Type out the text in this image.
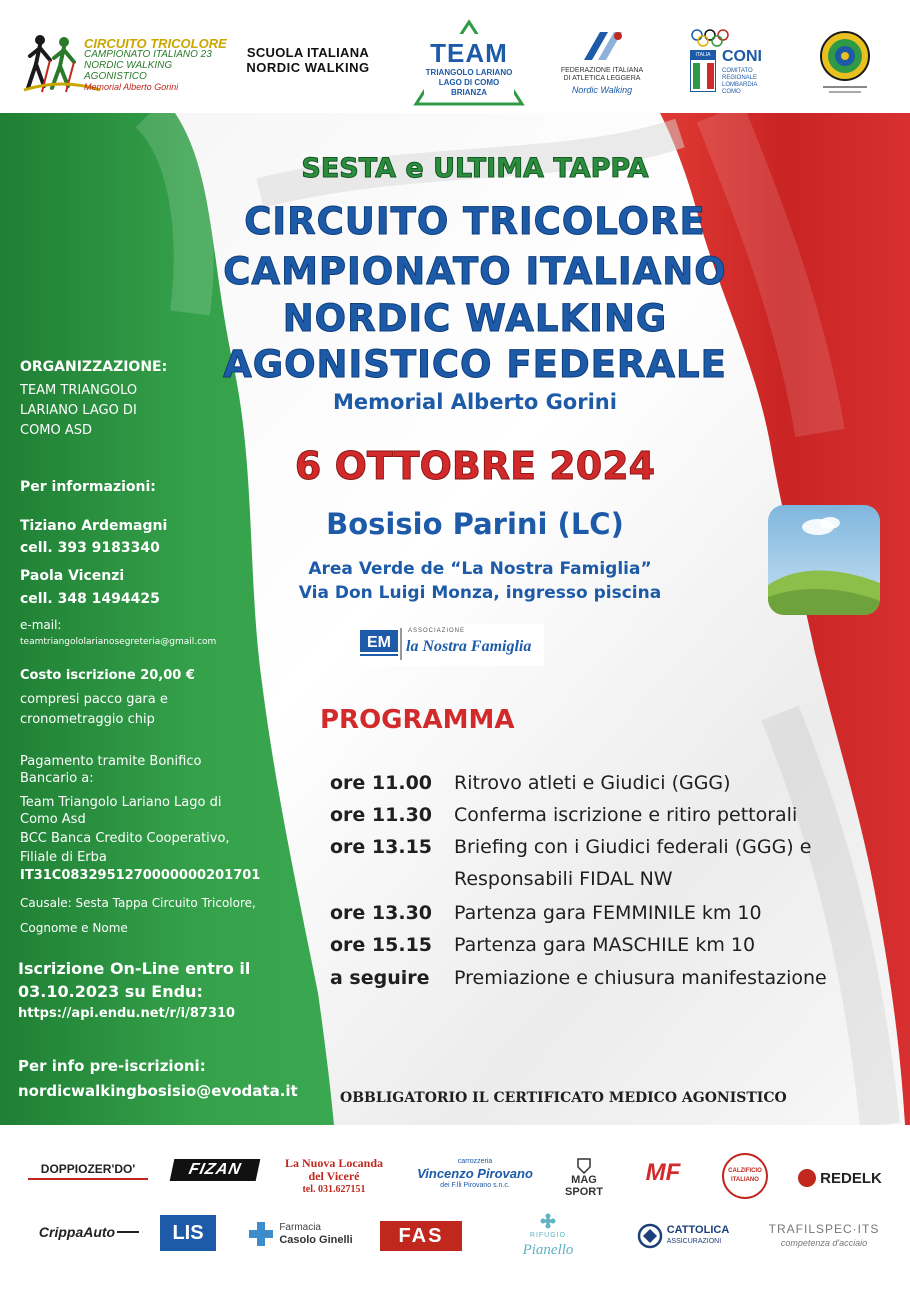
CIRCUITO TRICOLORE
CAMPIONATO ITALIANO 23
NORDIC WALKING AGONISTICO
Memorial Alberto Gorini
SCUOLA ITALIANA
NORDIC WALKING	TEAM
TRIANGOLO LARIANO
LAGO DI COMO
BRIANZA
FEDERAZIONE ITALIANA
DI ATLETICA LEGGERA
Nordic Walking
ITALIA CONI
COMITATO
REGIONALE
LOMBARDIA
COMO
SESTA e ULTIMA TAPPA
CIRCUITO TRICOLORE
CAMPIONATO ITALIANO
NORDIC WALKING
AGONISTICO FEDERALE
Memorial Alberto Gorini
6 OTTOBRE 2024
Bosisio Parini (LC)
Area Verde de “La Nostra Famiglia”
Via Don Luigi Monza, ingresso piscina
EM
ASSOCIAZIONE
la Nostra Famiglia
ORGANIZZAZIONE:
TEAM TRIANGOLO
LARIANO LAGO DI
COMO ASD
Per informazioni:
Tiziano Ardemagni
cell. 393 9183340
Paola Vicenzi
cell. 348 1494425
e-mail:
teamtriangololarianosegreteria@gmail.com
Costo iscrizione 20,00 €
compresi pacco gara e
cronometraggio chip
Pagamento tramite Bonifico
Bancario a:
Team Triangolo Lariano Lago di
Como Asd
BCC Banca Credito Cooperativo,
Filiale di Erba
IT31C0832951270000000201701
Causale: Sesta Tappa Circuito Tricolore,
Cognome e Nome
Iscrizione On-Line entro il
03.10.2023 su Endu:
https://api.endu.net/r/i/87310
Per info pre-iscrizioni:
nordicwalkingbosisio@evodata.it
PROGRAMMA
ore 11.00	Ritrovo atleti e Giudici (GGG)
ore 11.30	Conferma iscrizione e ritiro pettorali
ore 13.15	Briefing con i Giudici federali (GGG) e
Responsabili FIDAL NW
ore 13.30	Partenza gara FEMMINILE km 10
ore 15.15	Partenza gara MASCHILE km 10
a seguire	Premiazione e chiusura manifestazione
OBBLIGATORIO IL CERTIFICATO MEDICO AGONISTICO
DOPPIOZER'DO'	FIZAN	La Nuova Locanda
del Viceré
tel. 031.627151
carrozzeria
Vincenzo Pirovano
dei F.lli Pirovano s.n.c.	MAG
SPORT
MF	CALZIFICIO
ITALIANO	REDELK
CrippaAuto	LIS	Farmacia
Casolo Ginelli FAS	RIFUGIO
Pianello
CATTOLICA
ASSICURAZIONI
TRAFILSPEC·ITS
competenza d'acciaio
